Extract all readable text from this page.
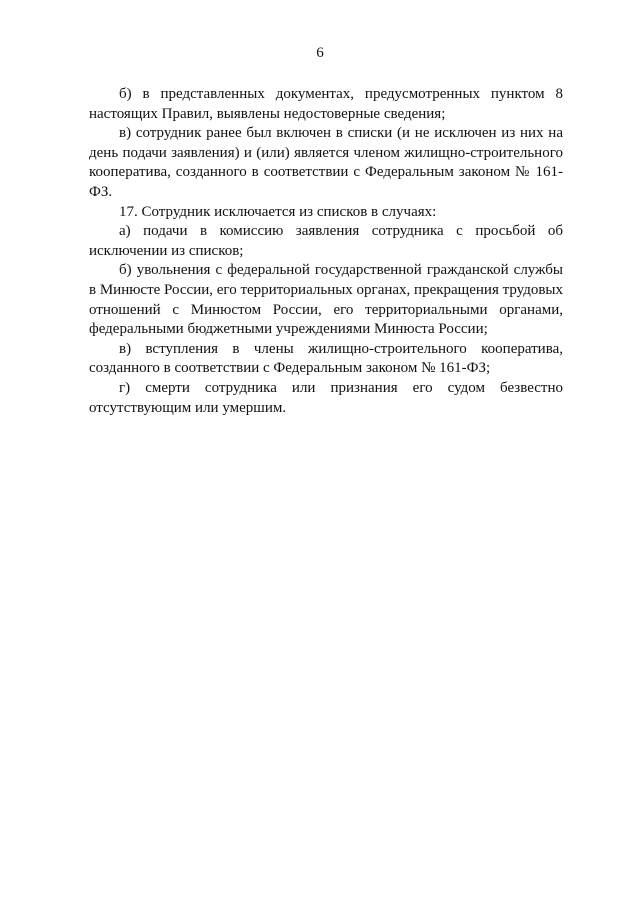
6

б) в представленных документах, предусмотренных пунктом 8 настоящих Правил, выявлены недостоверные сведения;

в) сотрудник ранее был включен в списки (и не исключен из них на день подачи заявления) и (или) является членом жилищно-строительного кооператива, созданного в соответствии с Федеральным законом № 161-ФЗ.

17. Сотрудник исключается из списков в случаях:

а) подачи в комиссию заявления сотрудника с просьбой об исключении из списков;

б) увольнения с федеральной государственной гражданской службы в Минюсте России, его территориальных органах, прекращения трудовых отношений с Минюстом России, его территориальными органами, федеральными бюджетными учреждениями Минюста России;

в) вступления в члены жилищно-строительного кооператива, созданного в соответствии с Федеральным законом № 161-ФЗ;

г) смерти сотрудника или признания его судом безвестно отсутствующим или умершим.
